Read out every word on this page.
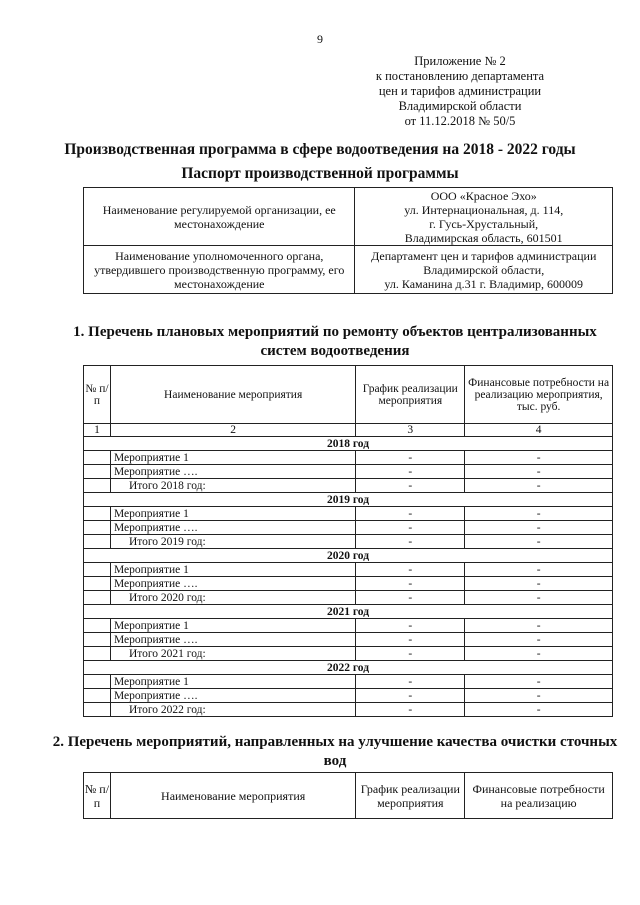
9
Приложение № 2
к постановлению департамента
цен и тарифов администрации
Владимирской области
от 11.12.2018 № 50/5
Производственная программа в сфере водоотведения на 2018 - 2022 годы
Паспорт производственной программы
Наименование регулируемой организации, ее местонахождение	ООО «Красное Эхо»
ул. Интернациональная, д. 114,
г. Гусь-Хрустальный,
Владимирская область, 601501

Наименование уполномоченного органа, утвердившего производственную программу, его местонахождение	Департамент цен и тарифов администрации
Владимирской области,
ул. Каманина д.31 г. Владимир, 600009
1. Перечень плановых мероприятий по ремонту объектов централизованных систем водоотведения
№ п/п	Наименование мероприятия	График реализации мероприятия	Финансовые потребности на реализацию мероприятия, тыс. руб.
1	2	3	4
2018 год			
	Мероприятие 1	-	-
	Мероприятие ….	-	-
	Итого 2018 год:	-	-
2019 год			
	Мероприятие 1	-	-
	Мероприятие ….	-	-
	Итого 2019 год:	-	-
2020 год			
	Мероприятие 1	-	-
	Мероприятие ….	-	-
	Итого 2020 год:	-	-
2021 год			
	Мероприятие 1	-	-
	Мероприятие ….	-	-
	Итого 2021 год:	-	-
2022 год			
	Мероприятие 1	-	-
	Мероприятие ….	-	-
	Итого 2022 год:	-	-
2. Перечень мероприятий, направленных на улучшение качества очистки сточных вод
№ п/п	Наименование мероприятия	График реализации мероприятия	Финансовые потребности на реализацию
